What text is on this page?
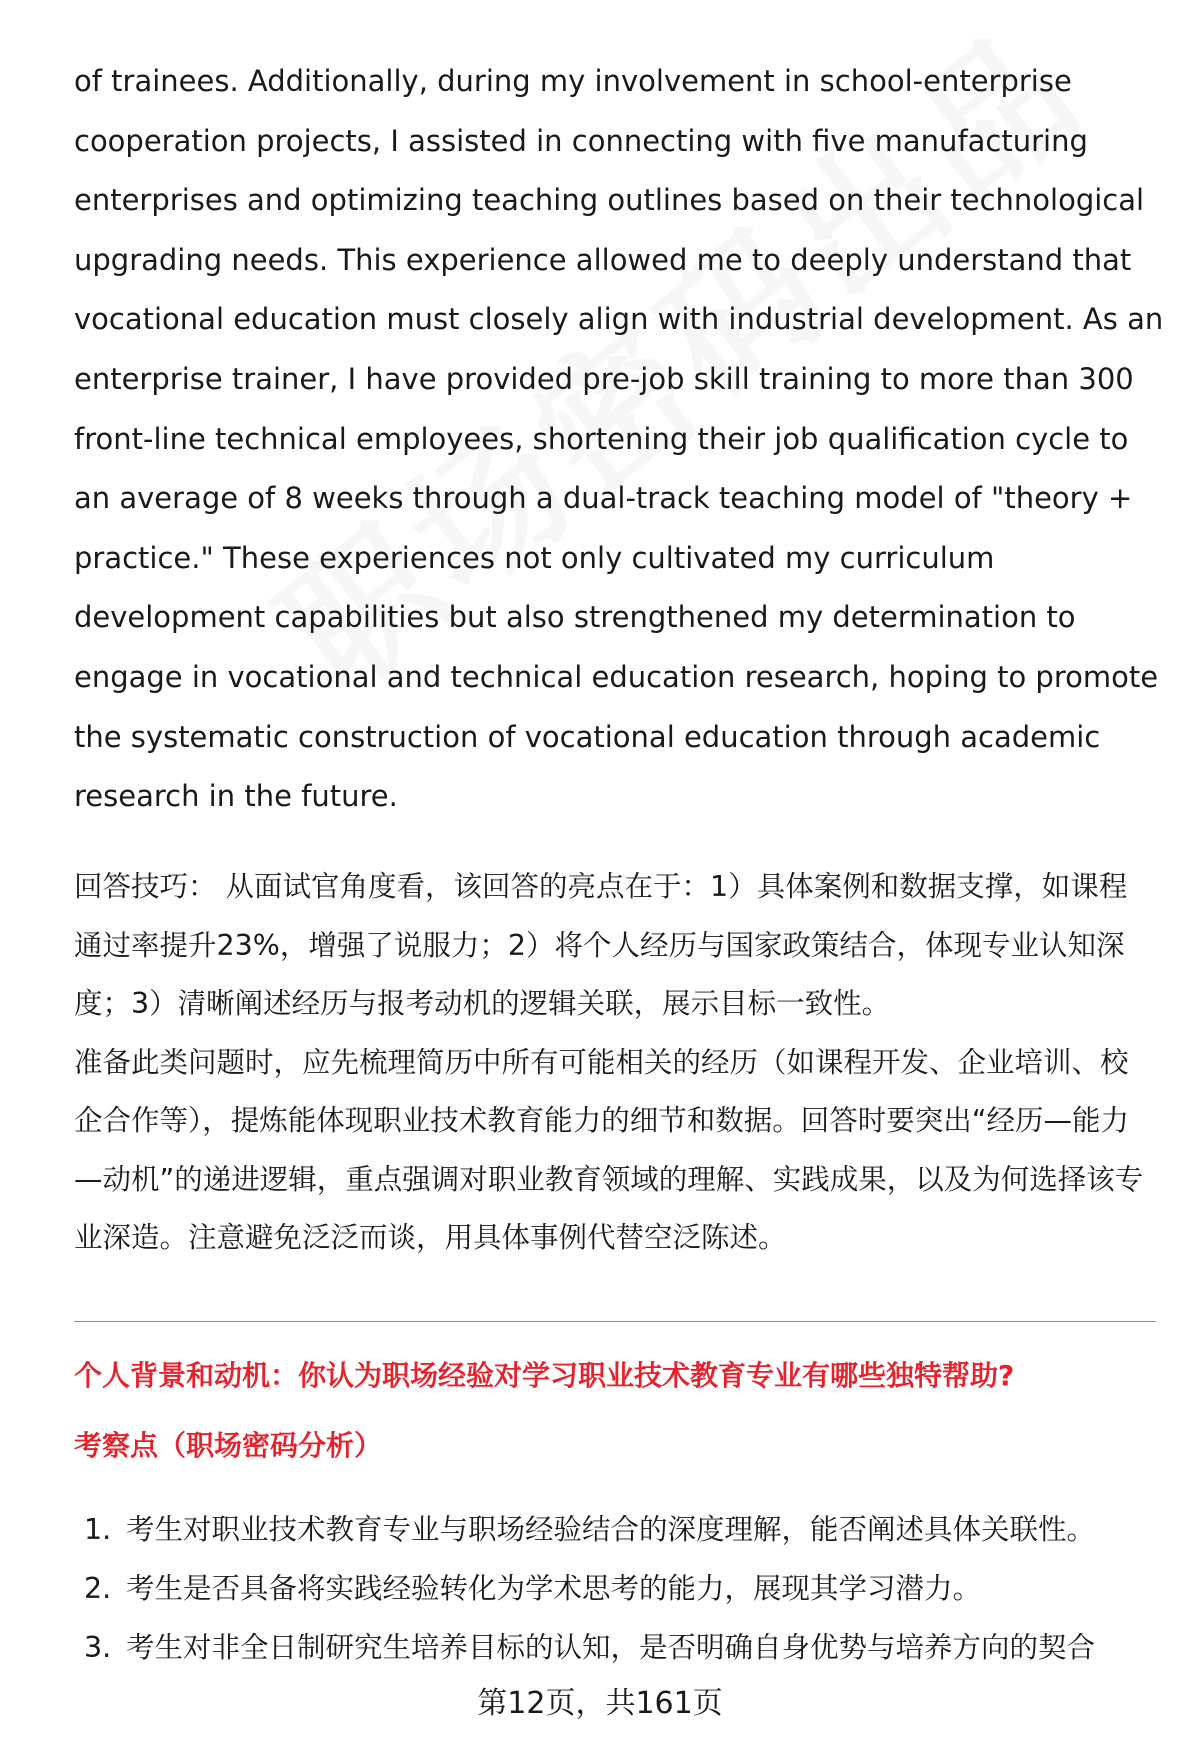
of trainees. Additionally, during my involvement in school-enterprise cooperation projects, I assisted in connecting with five manufacturing enterprises and optimizing teaching outlines based on their technological upgrading needs. This experience allowed me to deeply understand that vocational education must closely align with industrial development. As an enterprise trainer, I have provided pre-job skill training to more than 300 front-line technical employees, shortening their job qualification cycle to an average of 8 weeks through a dual-track teaching model of "theory + practice." These experiences not only cultivated my curriculum development capabilities but also strengthened my determination to engage in vocational and technical education research, hoping to promote the systematic construction of vocational education through academic research in the future.

回答技巧： 从面试官角度看，该回答的亮点在于：1）具体案例和数据支撑，如课程通过率提升23%，增强了说服力；2）将个人经历与国家政策结合，体现专业认知深度；3）清晰阐述经历与报考动机的逻辑关联，展示目标一致性。

准备此类问题时，应先梳理简历中所有可能相关的经历（如课程开发、企业培训、校企合作等），提炼能体现职业技术教育能力的细节和数据。回答时要突出“经历—能力—动机”的递进逻辑，重点强调对职业教育领域的理解、实践成果，以及为何选择该专业深造。注意避免泛泛而谈，用具体事例代替空泛陈述。

个人背景和动机：你认为职场经验对学习职业技术教育专业有哪些独特帮助?
考察点（职场密码分析）
1. 考生对职业技术教育专业与职场经验结合的深度理解，能否阐述具体关联性。
2. 考生是否具备将实践经验转化为学术思考的能力，展现其学习潜力。
3. 考生对非全日制研究生培养目标的认知，是否明确自身优势与培养方向的契合
第12页，共161页
